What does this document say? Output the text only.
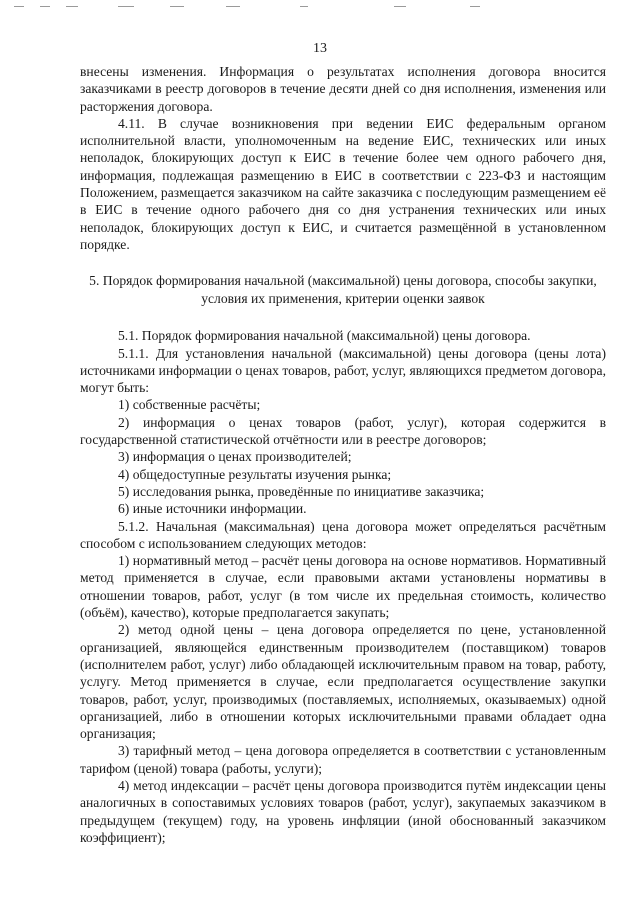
13

внесены изменения. Информация о результатах исполнения договора вносится заказчиками в реестр договоров в течение десяти дней со дня исполнения, изменения или расторжения договора.

4.11. В случае возникновения при ведении ЕИС федеральным органом исполнительной власти, уполномоченным на ведение ЕИС, технических или иных неполадок, блокирующих доступ к ЕИС в течение более чем одного рабочего дня, информация, подлежащая размещению в ЕИС в соответствии с 223-ФЗ и настоящим Положением, размещается заказчиком на сайте заказчика с последующим размещением её в ЕИС в течение одного рабочего дня со дня устранения технических или иных неполадок, блокирующих доступ к ЕИС, и считается размещённой в установленном порядке.

5. Порядок формирования начальной (максимальной) цены договора, способы закупки, условия их применения, критерии оценки заявок

5.1. Порядок формирования начальной (максимальной) цены договора.

5.1.1. Для установления начальной (максимальной) цены договора (цены лота) источниками информации о ценах товаров, работ, услуг, являющихся предметом договора, могут быть:

1) собственные расчёты;

2) информация о ценах товаров (работ, услуг), которая содержится в государственной статистической отчётности или в реестре договоров;

3) информация о ценах производителей;

4) общедоступные результаты изучения рынка;

5) исследования рынка, проведённые по инициативе заказчика;

6) иные источники информации.

5.1.2. Начальная (максимальная) цена договора может определяться расчётным способом с использованием следующих методов:

1) нормативный метод – расчёт цены договора на основе нормативов. Нормативный метод применяется в случае, если правовыми актами установлены нормативы в отношении товаров, работ, услуг (в том числе их предельная стоимость, количество (объём), качество), которые предполагается закупать;

2) метод одной цены – цена договора определяется по цене, установленной организацией, являющейся единственным производителем (поставщиком) товаров (исполнителем работ, услуг) либо обладающей исключительным правом на товар, работу, услугу. Метод применяется в случае, если предполагается осуществление закупки товаров, работ, услуг, производимых (поставляемых, исполняемых, оказываемых) одной организацией, либо в отношении которых исключительными правами обладает одна организация;

3) тарифный метод – цена договора определяется в соответствии с установленным тарифом (ценой) товара (работы, услуги);

4) метод индексации – расчёт цены договора производится путём индексации цены аналогичных в сопоставимых условиях товаров (работ, услуг), закупаемых заказчиком в предыдущем (текущем) году, на уровень инфляции (иной обоснованный заказчиком коэффициент);
